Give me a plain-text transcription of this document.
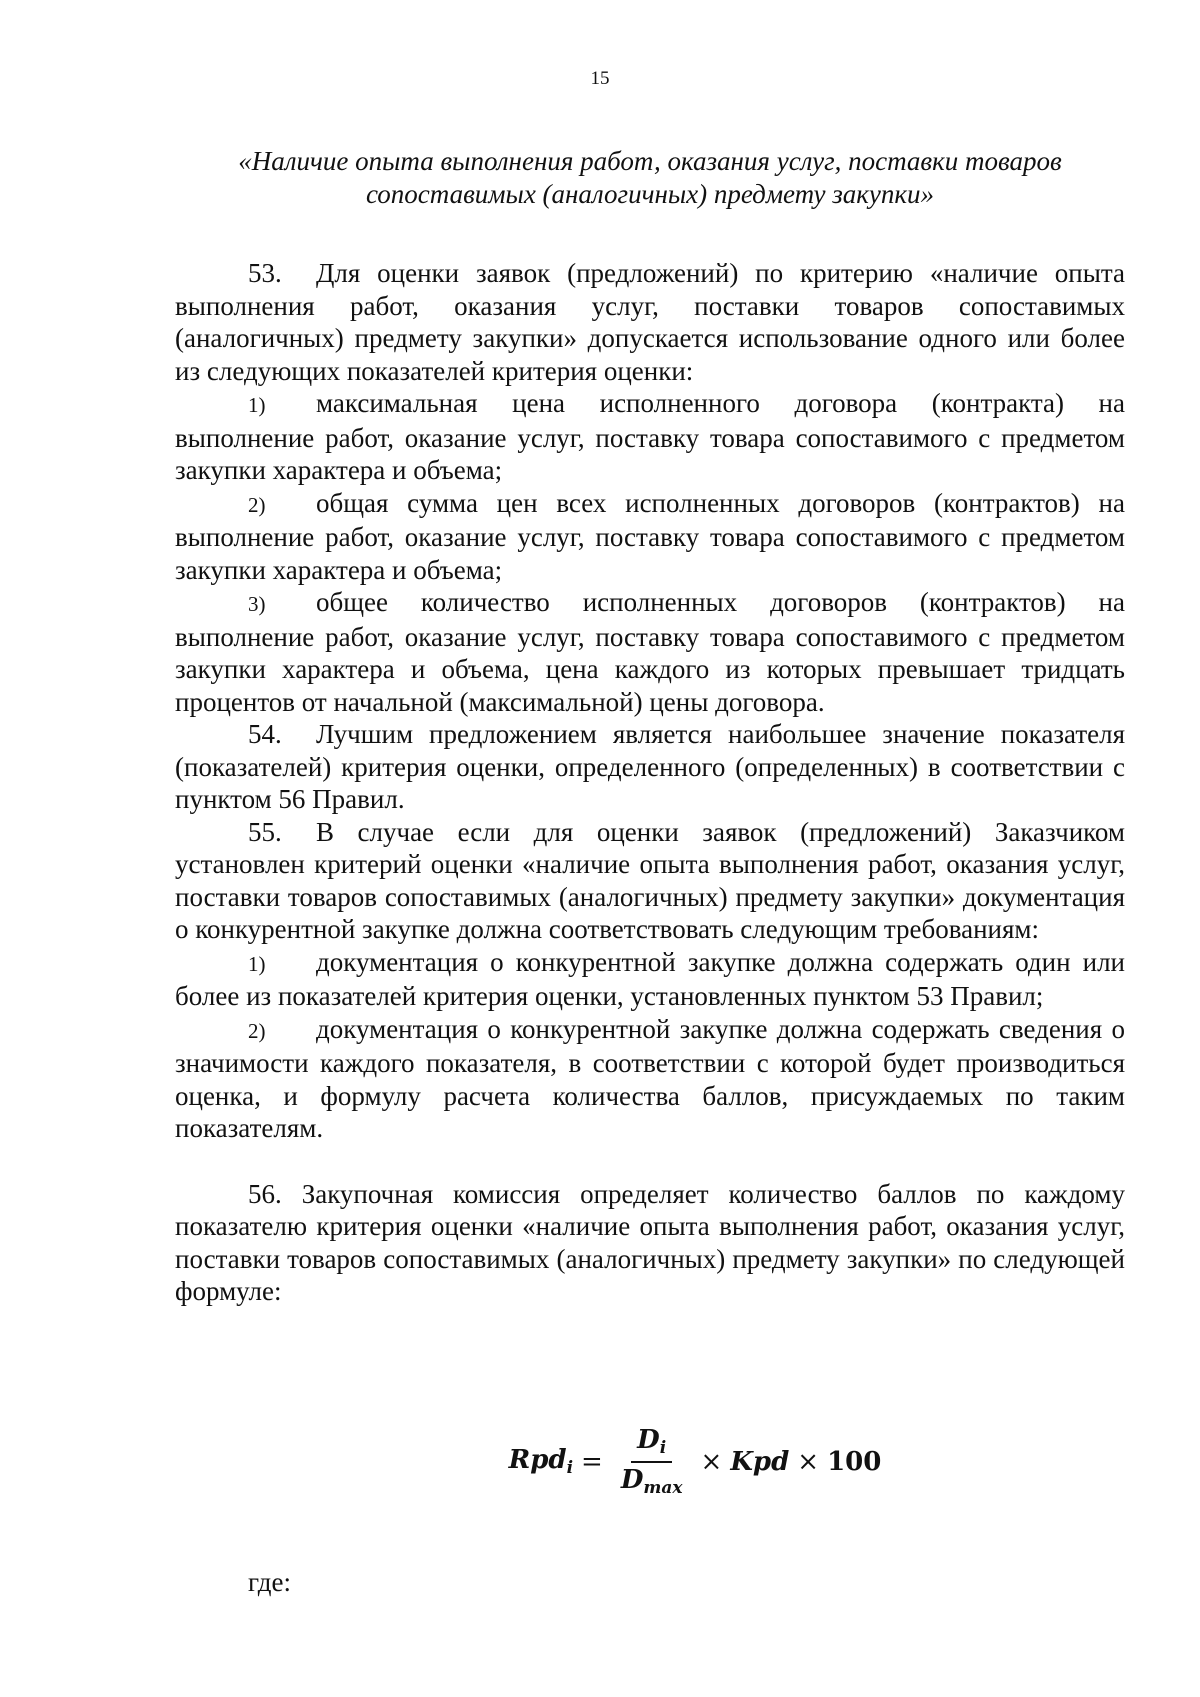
15
«Наличие опыта выполнения работ, оказания услуг, поставки товаров
сопоставимых (аналогичных) предмету закупки»

53. Для оценки заявок (предложений) по критерию «наличие опыта выполнения работ, оказания услуг, поставки товаров сопоставимых (аналогичных) предмету закупки» допускается использование одного или более из следующих показателей критерия оценки:

1) максимальная цена исполненного договора (контракта) на выполнение работ, оказание услуг, поставку товара сопоставимого с предметом закупки характера и объема;

2) общая сумма цен всех исполненных договоров (контрактов) на выполнение работ, оказание услуг, поставку товара сопоставимого с предметом закупки характера и объема;

3) общее количество исполненных договоров (контрактов) на выполнение работ, оказание услуг, поставку товара сопоставимого с предметом закупки характера и объема, цена каждого из которых превышает тридцать процентов от начальной (максимальной) цены договора.

54. Лучшим предложением является наибольшее значение показателя (показателей) критерия оценки, определенного (определенных) в соответствии с пунктом 56 Правил.

55. В случае если для оценки заявок (предложений) Заказчиком установлен критерий оценки «наличие опыта выполнения работ, оказания услуг, поставки товаров сопоставимых (аналогичных) предмету закупки» документация о конкурентной закупке должна соответствовать следующим требованиям:

1) документация о конкурентной закупке должна содержать один или более из показателей критерия оценки, установленных пунктом 53 Правил;

2) документация о конкурентной закупке должна содержать сведения о значимости каждого показателя, в соответствии с которой будет производиться оценка, и формулу расчета количества баллов, присуждаемых по таким показателям.

56. Закупочная комиссия определяет количество баллов по каждому показателю критерия оценки «наличие опыта выполнения работ, оказания услуг, поставки товаров сопоставимых (аналогичных) предмету закупки» по следующей формуле:

$Rpd_i = \frac{D_i}{D_{max}}$ × Kpd × 100
где:
